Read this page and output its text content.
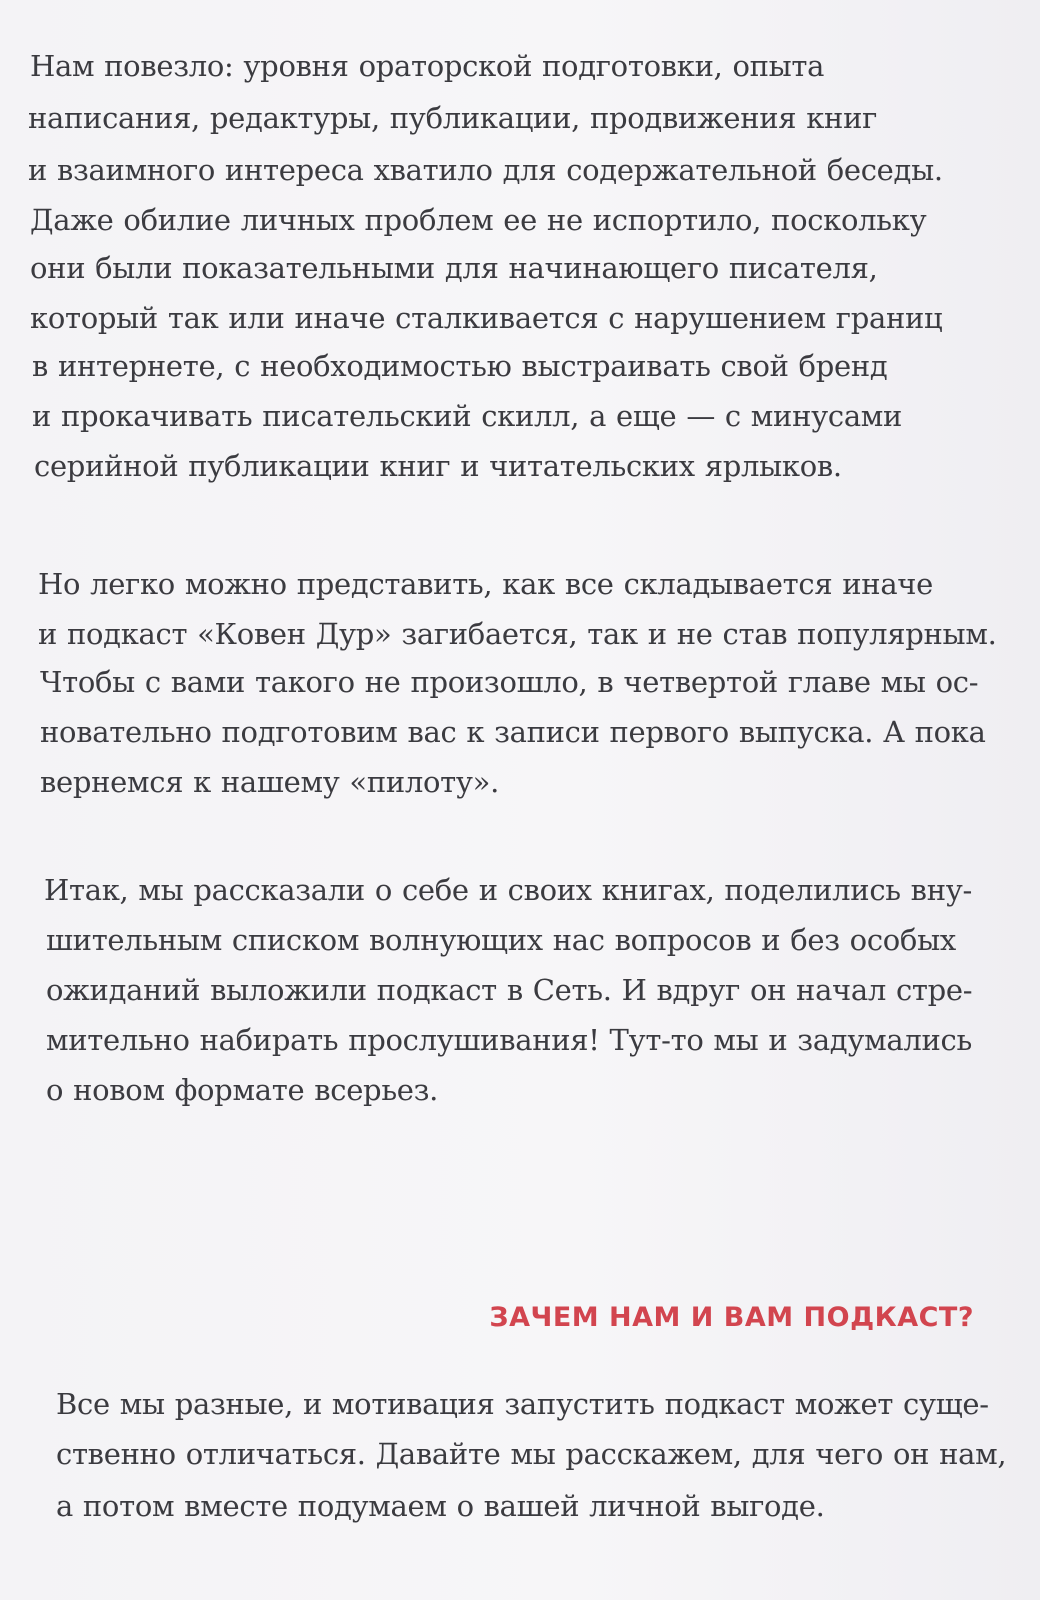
Нам повезло: уровня ораторской подготовки, опыта
написания, редактуры, публикации, продвижения книг
и взаимного интереса хватило для содержательной беседы.
Даже обилие личных проблем ее не испортило, поскольку
они были показательными для начинающего писателя,
который так или иначе сталкивается с нарушением границ
в интернете, с необходимостью выстраивать свой бренд
и прокачивать писательский скилл, а еще — с минусами
серийной публикации книг и читательских ярлыков.
Но легко можно представить, как все складывается иначе
и подкаст «Ковен Дур» загибается, так и не став популярным.
Чтобы с вами такого не произошло, в четвертой главе мы ос-
новательно подготовим вас к записи первого выпуска. А пока
вернемся к нашему «пилоту».
Итак, мы рассказали о себе и своих книгах, поделились вну-
шительным списком волнующих нас вопросов и без особых
ожиданий выложили подкаст в Сеть. И вдруг он начал стре-
мительно набирать прослушивания! Тут-то мы и задумались
о новом формате всерьез.
ЗАЧЕМ НАМ И ВАМ ПОДКАСТ?
Все мы разные, и мотивация запустить подкаст может суще-
ственно отличаться. Давайте мы расскажем, для чего он нам,
а потом вместе подумаем о вашей личной выгоде.
